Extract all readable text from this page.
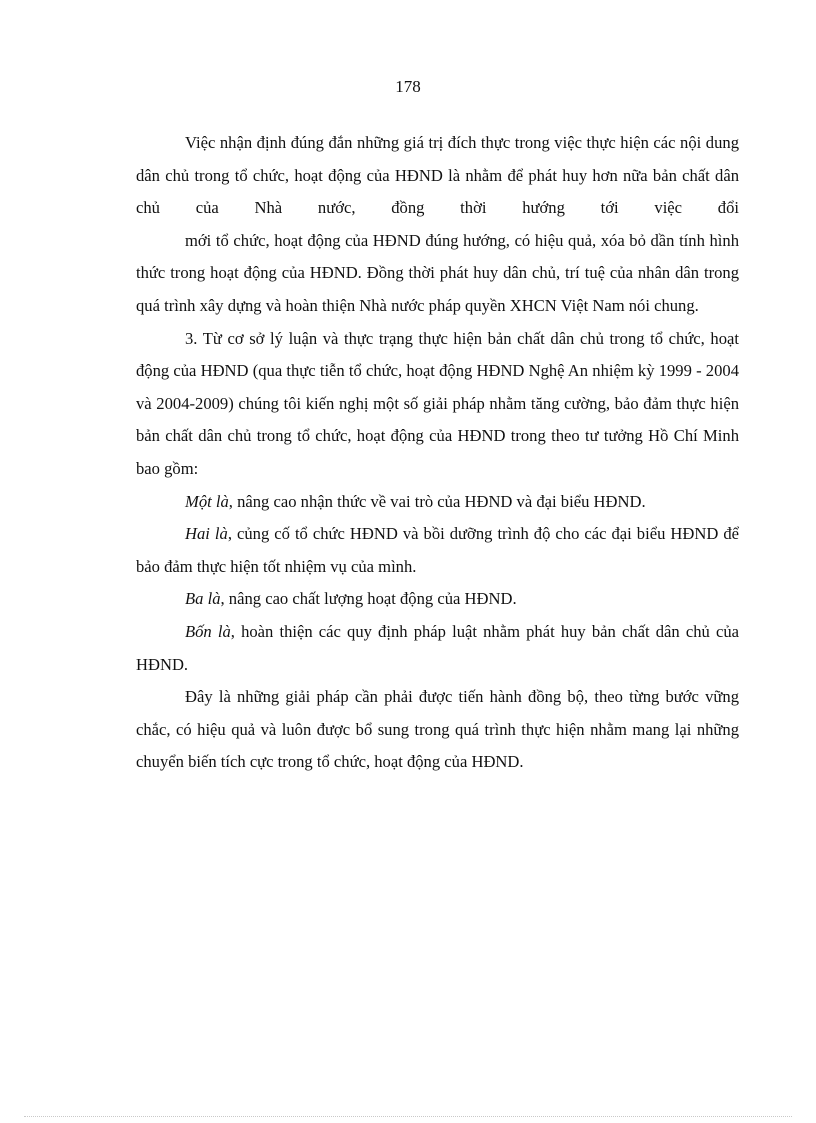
178

Việc nhận định đúng đắn những giá trị đích thực trong việc thực hiện các nội dung dân chủ trong tổ chức, hoạt động của HĐND là nhằm để phát huy hơn nữa bản chất dân chủ của Nhà nước, đồng thời hướng tới việc đổi

mới tổ chức, hoạt động của HĐND đúng hướng, có hiệu quả, xóa bỏ dần tính hình thức trong hoạt động của HĐND. Đồng thời phát huy dân chủ, trí tuệ của nhân dân trong quá trình xây dựng và hoàn thiện Nhà nước pháp quyền XHCN Việt Nam nói chung.

3. Từ cơ sở lý luận và thực trạng thực hiện bản chất dân chủ trong tổ chức, hoạt động của HĐND (qua thực tiễn tổ chức, hoạt động HĐND Nghệ An nhiệm kỳ 1999 - 2004 và 2004-2009) chúng tôi kiến nghị một số giải pháp nhằm tăng cường, bảo đảm thực hiện bản chất dân chủ trong tổ chức, hoạt động của HĐND trong theo tư tưởng Hồ Chí Minh bao gồm:

Một là, nâng cao nhận thức về vai trò của HĐND và đại biểu HĐND.

Hai là, củng cố tổ chức HĐND và bồi dưỡng trình độ cho các đại biểu HĐND để bảo đảm thực hiện tốt nhiệm vụ của mình.

Ba là, nâng cao chất lượng hoạt động của HĐND.

Bốn là, hoàn thiện các quy định pháp luật nhằm phát huy bản chất dân chủ của HĐND.

Đây là những giải pháp cần phải được tiến hành đồng bộ, theo từng bước vững chắc, có hiệu quả và luôn được bổ sung trong quá trình thực hiện nhằm mang lại những chuyển biến tích cực trong tổ chức, hoạt động của HĐND.
